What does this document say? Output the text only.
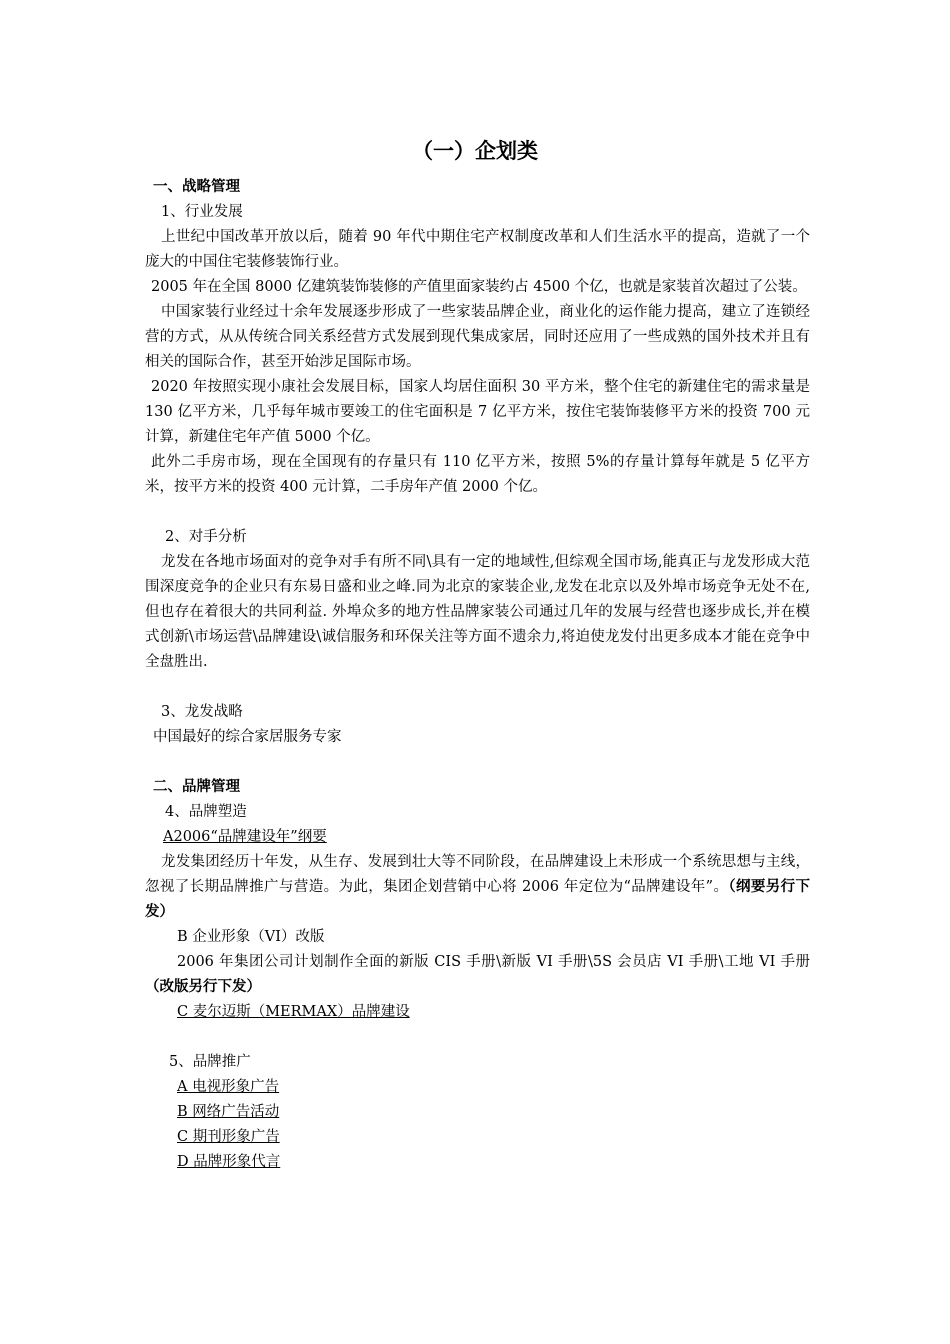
（一）企划类

一、战略管理

1、行业发展

上世纪中国改革开放以后，随着 90 年代中期住宅产权制度改革和人们生活水平的提高，造就了一个庞大的中国住宅装修装饰行业。

2005 年在全国 8000 亿建筑装饰装修的产值里面家装约占 4500 个亿，也就是家装首次超过了公装。

中国家装行业经过十余年发展逐步形成了一些家装品牌企业，商业化的运作能力提高，建立了连锁经营的方式，从从传统合同关系经营方式发展到现代集成家居，同时还应用了一些成熟的国外技术并且有相关的国际合作，甚至开始涉足国际市场。

2020 年按照实现小康社会发展目标，国家人均居住面积 30 平方米，整个住宅的新建住宅的需求量是 130 亿平方米，几乎每年城市要竣工的住宅面积是 7 亿平方米，按住宅装饰装修平方米的投资 700 元计算，新建住宅年产值 5000 个亿。

此外二手房市场，现在全国现有的存量只有 110 亿平方米，按照 5%的存量计算每年就是 5 亿平方米，按平方米的投资 400 元计算，二手房年产值 2000 个亿。

2、对手分析

龙发在各地市场面对的竞争对手有所不同\具有一定的地域性,但综观全国市场,能真正与龙发形成大范围深度竞争的企业只有东易日盛和业之峰.同为北京的家装企业,龙发在北京以及外埠市场竞争无处不在,但也存在着很大的共同利益. 外埠众多的地方性品牌家装公司通过几年的发展与经营也逐步成长,并在模式创新\市场运营\品牌建设\诚信服务和环保关注等方面不遗余力,将迫使龙发付出更多成本才能在竞争中全盘胜出.

3、龙发战略

中国最好的综合家居服务专家

二、品牌管理

4、品牌塑造

A2006“品牌建设年”纲要

龙发集团经历十年发，从生存、发展到壮大等不同阶段，在品牌建设上未形成一个系统思想与主线，忽视了长期品牌推广与营造。为此，集团企划营销中心将 2006 年定位为“品牌建设年”。（纲要另行下发）

B 企业形象（VI）改版

2006 年集团公司计划制作全面的新版 CIS 手册\新版 VI 手册\5S 会员店 VI 手册\工地 VI 手册（改版另行下发）

C 麦尔迈斯（MERMAX）品牌建设

5、品牌推广

A 电视形象广告

B 网络广告活动

C 期刊形象广告

D 品牌形象代言
